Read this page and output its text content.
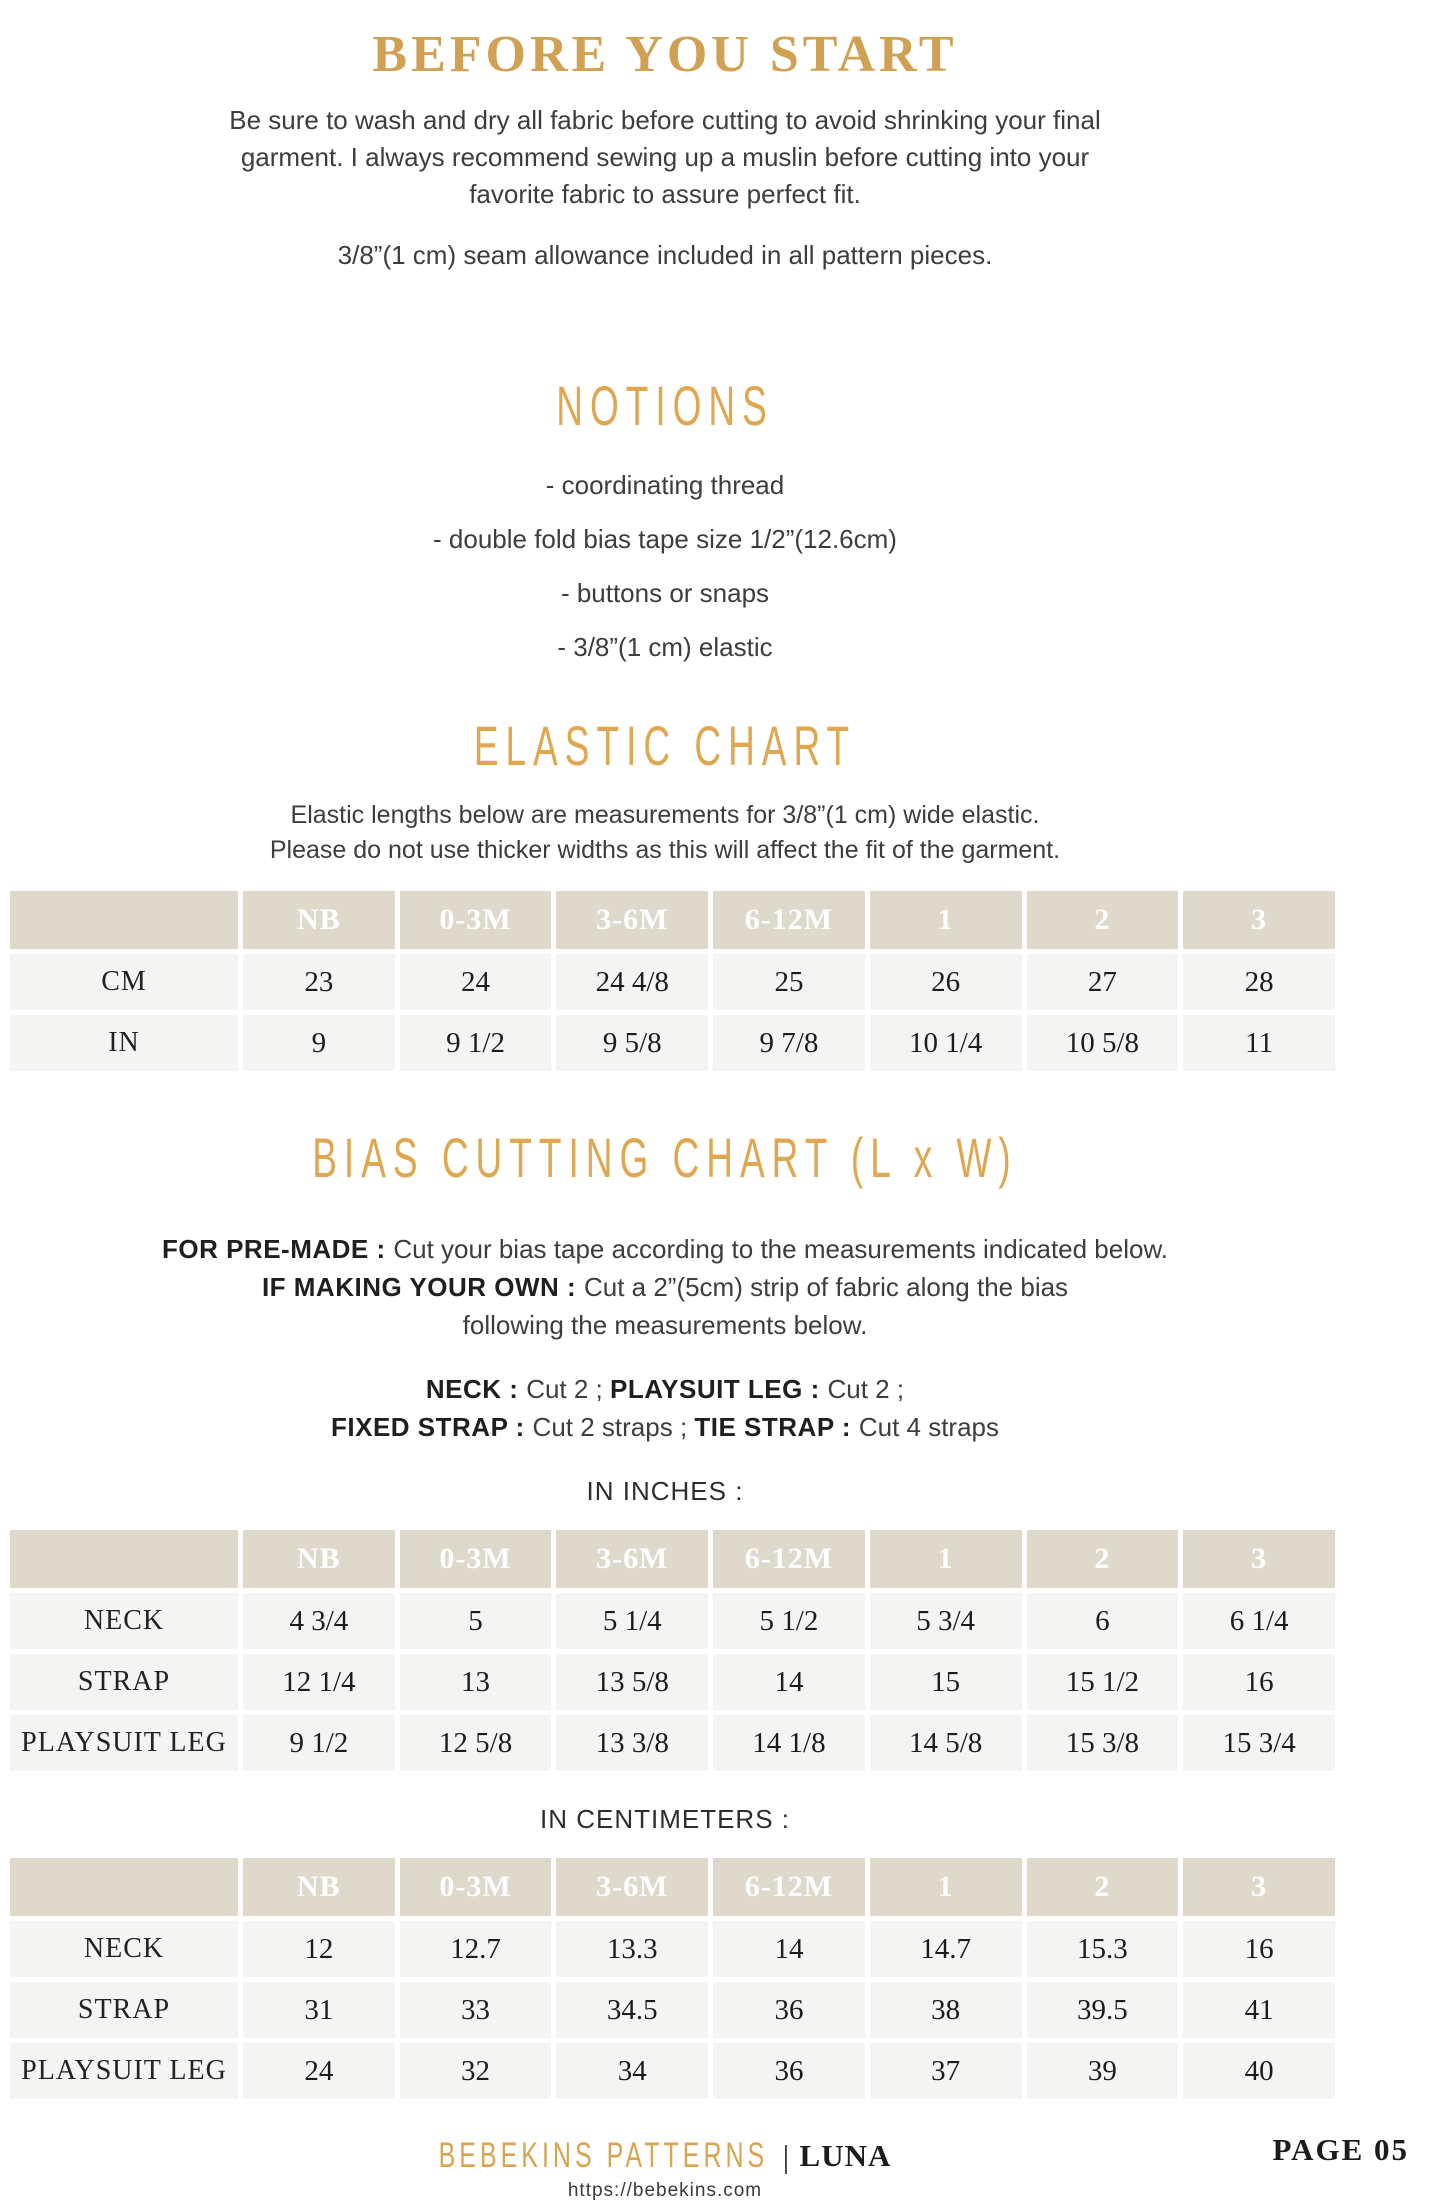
BEFORE YOU START
Be sure to wash and dry all fabric before cutting to avoid shrinking your final
garment. I always recommend sewing up a muslin before cutting into your
favorite fabric to assure perfect fit.
3/8”(1 cm) seam allowance included in all pattern pieces.
NOTIONS
- coordinating thread
- double fold bias tape size 1/2”(12.6cm)
- buttons or snaps
- 3/8”(1 cm) elastic
ELASTIC CHART
Elastic lengths below are measurements for 3/8”(1 cm) wide elastic.
Please do not use thicker widths as this will affect the fit of the garment.
	NB	0-3M	3-6M	6-12M	1	2	3
CM	23	24	24 4/8	25	26	27	28
IN	9	9 1/2	9 5/8	9 7/8	10 1/4	10 5/8	11
BIAS CUTTING CHART (L x W)
FOR PRE-MADE : Cut your bias tape according to the measurements indicated below.
IF MAKING YOUR OWN : Cut a 2”(5cm) strip of fabric along the bias
following the measurements below.
NECK : Cut 2 ; PLAYSUIT LEG : Cut 2 ;
FIXED STRAP : Cut 2 straps ; TIE STRAP : Cut 4 straps
IN INCHES :
	NB	0-3M	3-6M	6-12M	1	2	3
NECK	4 3/4	5	5 1/4	5 1/2	5 3/4	6	6 1/4
STRAP	12 1/4	13	13 5/8	14	15	15 1/2	16
PLAYSUIT LEG	9 1/2	12 5/8	13 3/8	14 1/8	14 5/8	15 3/8	15 3/4
IN CENTIMETERS :
	NB	0-3M	3-6M	6-12M	1	2	3
NECK	12	12.7	13.3	14	14.7	15.3	16
STRAP	31	33	34.5	36	38	39.5	41
PLAYSUIT LEG	24	32	34	36	37	39	40
BEBEKINS PATTERNS | LUNA
https://bebekins.com
PAGE 05
